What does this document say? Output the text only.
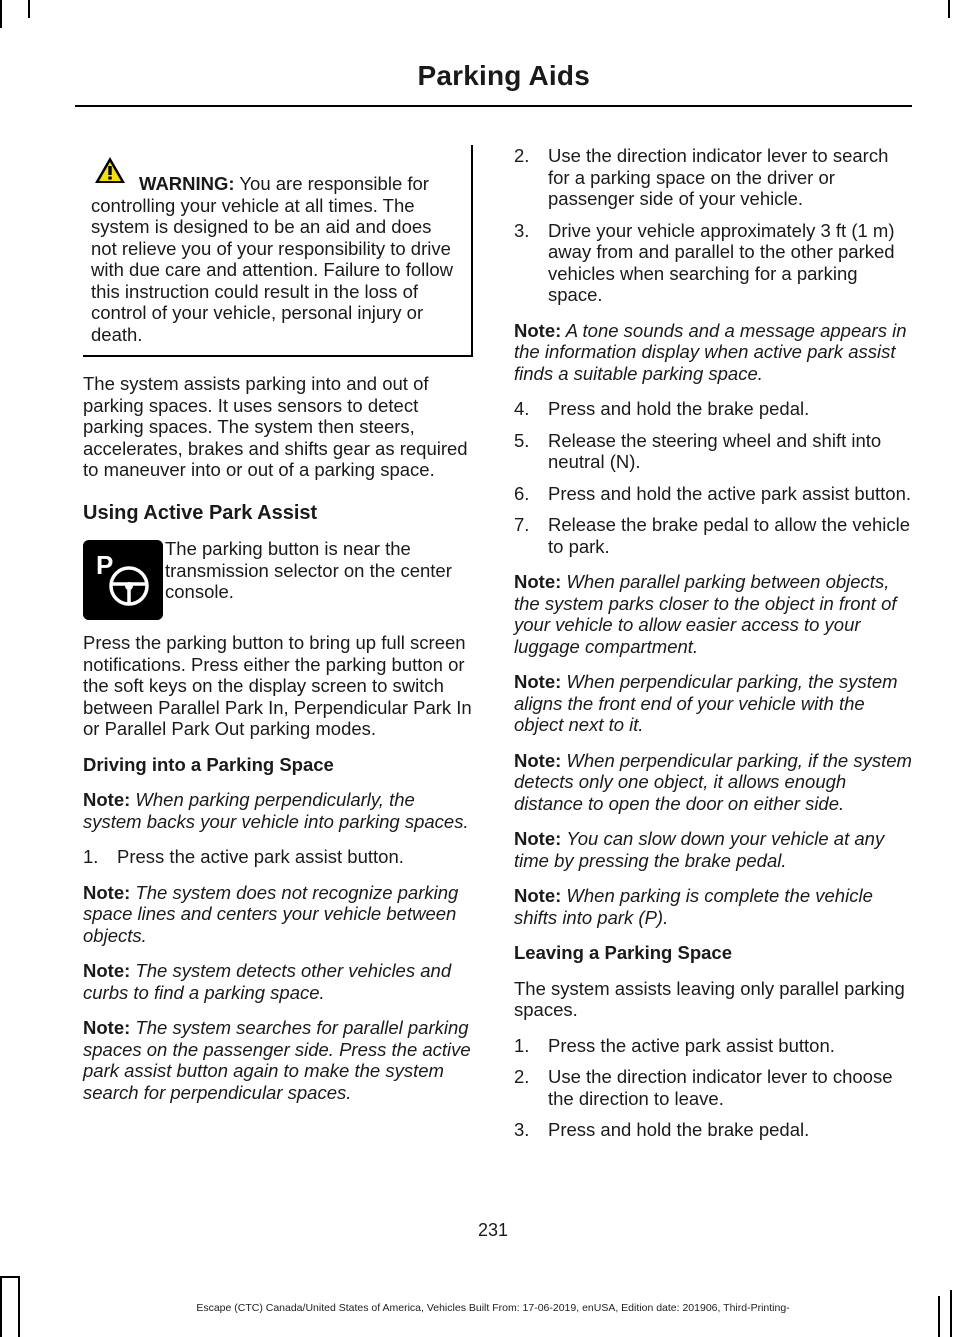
Parking Aids

WARNING: You are responsible for controlling your vehicle at all times. The system is designed to be an aid and does not relieve you of your responsibility to drive with due care and attention. Failure to follow this instruction could result in the loss of control of your vehicle, personal injury or death.

The system assists parking into and out of parking spaces. It uses sensors to detect parking spaces. The system then steers, accelerates, brakes and shifts gear as required to maneuver into or out of a parking space.

Using Active Park Assist
P
The parking button is near the transmission selector on the center console.

Press the parking button to bring up full screen notifications. Press either the parking button or the soft keys on the display screen to switch between Parallel Park In, Perpendicular Park In or Parallel Park Out parking modes.

Driving into a Parking Space

Note: When parking perpendicularly, the system backs your vehicle into parking spaces.

1. Press the active park assist button.

Note: The system does not recognize parking space lines and centers your vehicle between objects.

Note: The system detects other vehicles and curbs to find a parking space.

Note: The system searches for parallel parking spaces on the passenger side. Press the active park assist button again to make the system search for perpendicular spaces.

2. Use the direction indicator lever to search for a parking space on the driver or passenger side of your vehicle.
3. Drive your vehicle approximately 3 ft (1 m) away from and parallel to the other parked vehicles when searching for a parking space.

Note: A tone sounds and a message appears in the information display when active park assist finds a suitable parking space.

4. Press and hold the brake pedal.
5. Release the steering wheel and shift into neutral (N).
6. Press and hold the active park assist button.
7. Release the brake pedal to allow the vehicle to park.

Note: When parallel parking between objects, the system parks closer to the object in front of your vehicle to allow easier access to your luggage compartment.

Note: When perpendicular parking, the system aligns the front end of your vehicle with the object next to it.

Note: When perpendicular parking, if the system detects only one object, it allows enough distance to open the door on either side.

Note: You can slow down your vehicle at any time by pressing the brake pedal.

Note: When parking is complete the vehicle shifts into park (P).

Leaving a Parking Space

The system assists leaving only parallel parking spaces.

1. Press the active park assist button.
2. Use the direction indicator lever to choose the direction to leave.
3. Press and hold the brake pedal.
231
Escape (CTC) Canada/United States of America, Vehicles Built From: 17-06-2019, enUSA, Edition date: 201906, Third-Printing-
